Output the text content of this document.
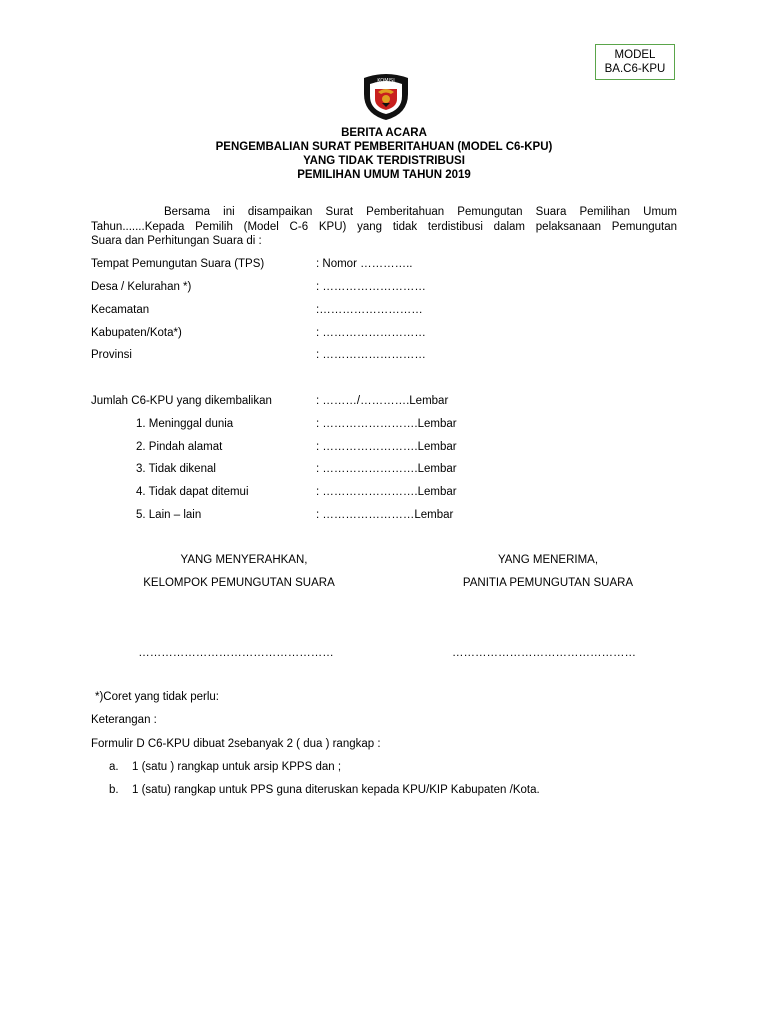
MODEL
BA.C6-KPU
KOMISI
BERITA ACARA
PENGEMBALIAN SURAT PEMBERITAHUAN (MODEL C6-KPU)
YANG TIDAK TERDISTRIBUSI
PEMILIHAN UMUM TAHUN 2019
Bersama ini disampaikan Surat Pemberitahuan Pemungutan Suara Pemilihan Umum
Tahun.......Kepada Pemilih (Model C-6 KPU) yang tidak terdistibusi dalam pelaksanaan Pemungutan
Suara dan Perhitungan Suara di :
Tempat Pemungutan Suara (TPS)	: Nomor …………..
Desa / Kelurahan *)	: ………………………
Kecamatan	:………………………
Kabupaten/Kota*)	: ………………………
Provinsi	: ………………………
Jumlah C6-KPU yang dikembalikan	: ………/………….Lembar
1. Meninggal dunia	: …………………….Lembar
2. Pindah alamat	: …………………….Lembar
3. Tidak dikenal	: …………………….Lembar
4. Tidak dapat ditemui	: …………………….Lembar
5. Lain – lain	: ……………………Lembar
YANG MENYERAHKAN,
KELOMPOK PEMUNGUTAN SUARA
……………………………………………
YANG MENERIMA,
PANITIA PEMUNGUTAN SUARA
…………………………………………
*)Coret yang tidak perlu:
Keterangan :
Formulir D C6-KPU dibuat 2sebanyak 2 ( dua ) rangkap :
a. 1 (satu ) rangkap untuk arsip KPPS dan ;
b. 1 (satu) rangkap untuk PPS guna diteruskan kepada KPU/KIP Kabupaten /Kota.
